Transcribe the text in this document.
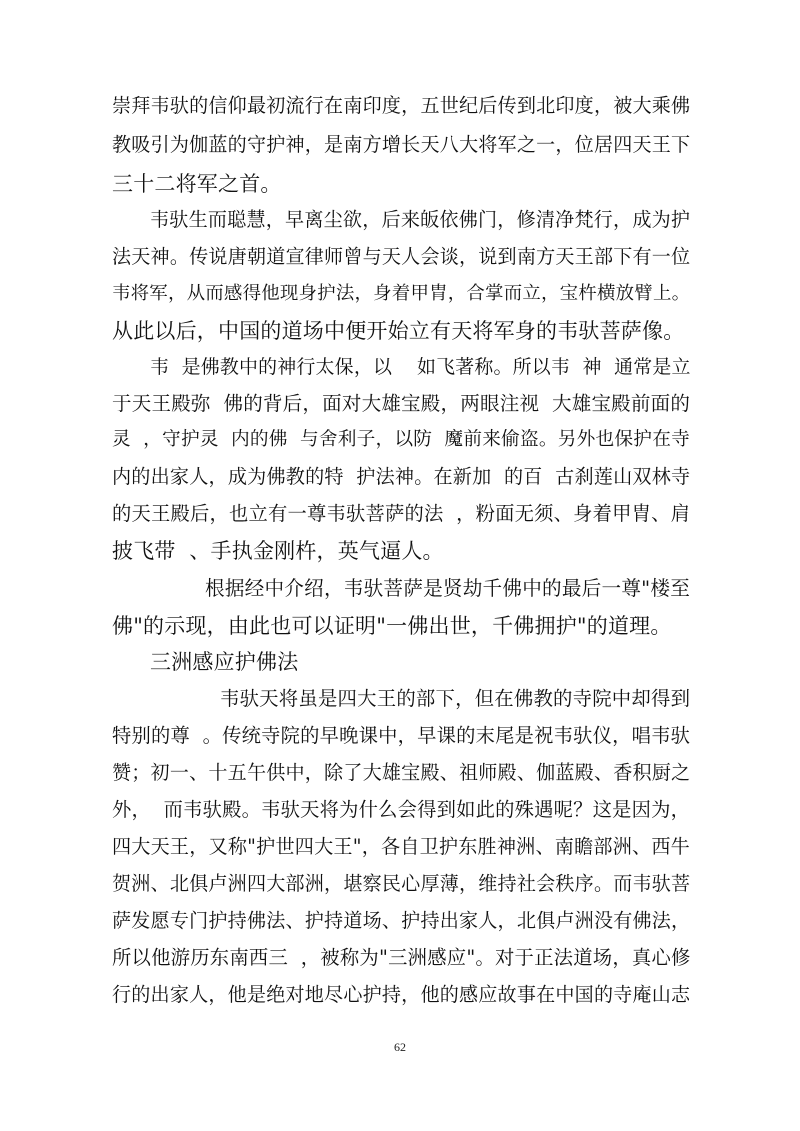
崇拜韦驮的信仰最初流行在南印度，五世纪后传到北印度，被大乘佛
教吸引为伽蓝的守护神，是南方增长天八大将军之一，位居四天王下
三十二将军之首。
韦驮生而聪慧，早离尘欲，后来皈依佛门，修清净梵行，成为护
法天神。传说唐朝道宣律师曾与天人会谈，说到南方天王部下有一位
韦将军，从而感得他现身护法，身着甲胄，合掌而立，宝杵横放臂上。
从此以后，中国的道场中便开始立有天将军身的韦驮菩萨像。
韦  是佛教中的神行太保，以    如飞著称。所以韦  神  通常是立
于天王殿弥  佛的背后，面对大雄宝殿，两眼注视  大雄宝殿前面的
灵  ，守护灵  内的佛  与舍利子，以防  魔前来偷盗。另外也保护在寺
内的出家人，成为佛教的特  护法神。在新加  的百  古刹莲山双林寺
的天王殿后，也立有一尊韦驮菩萨的法  ，粉面无须、身着甲胄、肩
披飞带  、手执金刚杵，英气逼人。
根据经中介绍，韦驮菩萨是贤劫千佛中的最后一尊"楼至
佛"的示现，由此也可以证明"一佛出世，千佛拥护"的道理。
三洲感应护佛法
韦驮天将虽是四大王的部下，但在佛教的寺院中却得到
特别的尊  。传统寺院的早晚课中，早课的末尾是祝韦驮仪，唱韦驮
赞；初一、十五午供中，除了大雄宝殿、祖师殿、伽蓝殿、香积厨之
外，  而韦驮殿。韦驮天将为什么会得到如此的殊遇呢？这是因为，
四大天王，又称"护世四大王"，各自卫护东胜神洲、南瞻部洲、西牛
贺洲、北俱卢洲四大部洲，堪察民心厚薄，维持社会秩序。而韦驮菩
萨发愿专门护持佛法、护持道场、护持出家人，北俱卢洲没有佛法，
所以他游历东南西三  ，被称为"三洲感应"。对于正法道场，真心修
行的出家人，他是绝对地尽心护持，他的感应故事在中国的寺庵山志
62
